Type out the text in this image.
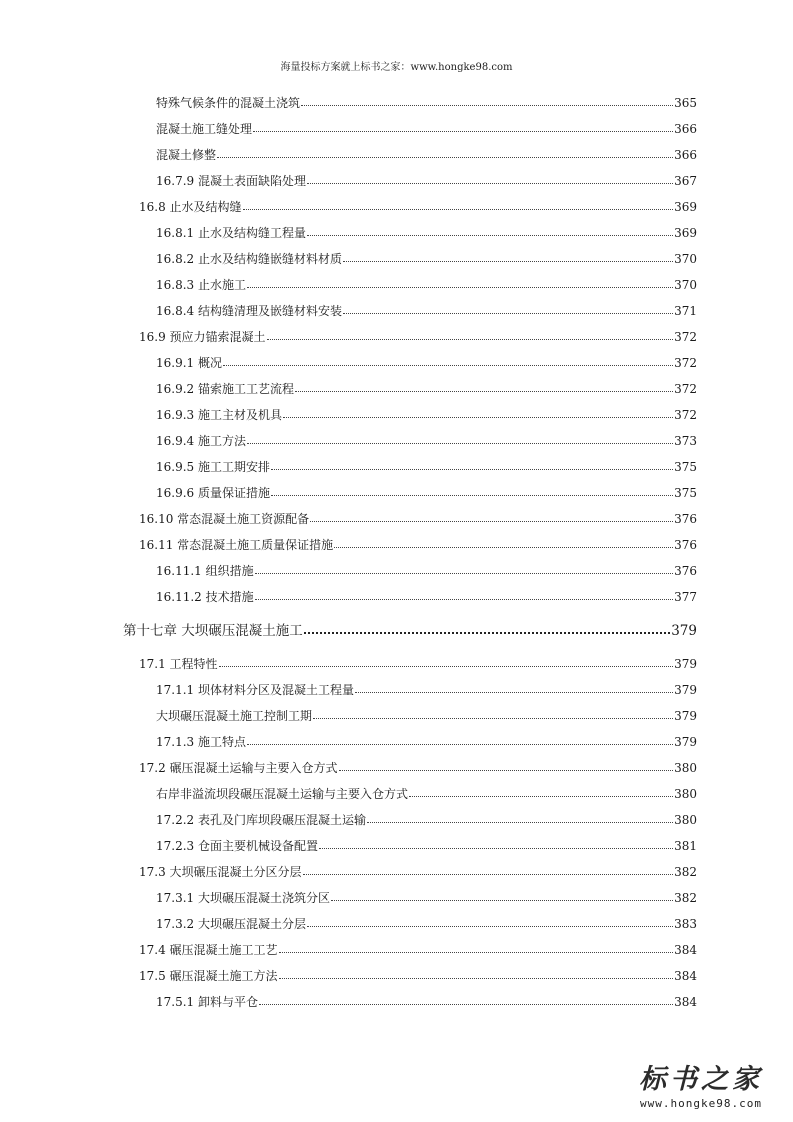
海量投标方案就上标书之家：www.hongke98.com
特殊气候条件的混凝土浇筑	365
混凝土施工缝处理	366
混凝土修整	366
16.7.9 混凝土表面缺陷处理	367
16.8 止水及结构缝	369
16.8.1 止水及结构缝工程量	369
16.8.2 止水及结构缝嵌缝材料材质	370
16.8.3 止水施工	370
16.8.4 结构缝清理及嵌缝材料安装	371
16.9 预应力锚索混凝土	372
16.9.1 概况	372
16.9.2 锚索施工工艺流程	372
16.9.3 施工主材及机具	372
16.9.4 施工方法	373
16.9.5 施工工期安排	375
16.9.6 质量保证措施	375
16.10 常态混凝土施工资源配备	376
16.11 常态混凝土施工质量保证措施	376
16.11.1 组织措施	376
16.11.2 技术措施	377
第十七章 大坝碾压混凝土施工	379
17.1 工程特性	379
17.1.1 坝体材料分区及混凝土工程量	379
大坝碾压混凝土施工控制工期	379
17.1.3 施工特点	379
17.2 碾压混凝土运输与主要入仓方式	380
右岸非溢流坝段碾压混凝土运输与主要入仓方式	380
17.2.2 表孔及门库坝段碾压混凝土运输	380
17.2.3 仓面主要机械设备配置	381
17.3 大坝碾压混凝土分区分层	382
17.3.1 大坝碾压混凝土浇筑分区	382
17.3.2 大坝碾压混凝土分层	383
17.4 碾压混凝土施工工艺	384
17.5 碾压混凝土施工方法	384
17.5.1 卸料与平仓	384
标书之家
www.hongke98.com
